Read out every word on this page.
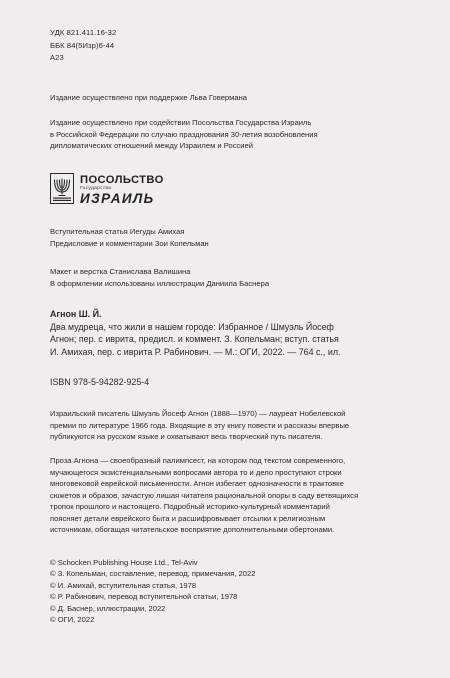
УДК 821.411.16-32
ББК 84(5Изр)6-44
А23
Издание осуществлено при поддержке Льва Говермана
Издание осуществлено при содействии Посольства Государства Израиль
в Российской Федерации по случаю празднования 30-летия возобновления
дипломатических отношений между Израилем и Россией
ПОСОЛЬСТВО
Государства
ИЗРАИЛЬ
Вступительная статья Иегуды Амихая
Предисловие и комментарии Зои Копельман
Макет и верстка Станислава Валишина
В оформлении использованы иллюстрации Даниила Баснера
Агнон Ш. Й.
Два мудреца, что жили в нашем городе: Избранное / Шмуэль Йосеф
Агнон; пер. с иврита, предисл. и коммент. З. Копельман; вступ. статья
И. Амихая, пер. с иврита Р. Рабинович. — М.: ОГИ, 2022. — 764 с., ил.
ISBN 978-5-94282-925-4
Израильский писатель Шмуэль Йосеф Агнон (1888—1970) — лауреат Нобелевской
премии по литературе 1966 года. Входящие в эту книгу повести и рассказы впервые
публикуются на русском языке и охватывают весь творческий путь писателя.
Проза Агнона — своеобразный палимпсест, на котором под текстом современного,
мучающегося экзистенциальными вопросами автора то и дело проступают строки
многовековой еврейской письменности. Агнон избегает однозначности в трактовке
сюжетов и образов, зачастую лишая читателя рациональной опоры в саду ветвящихся
тропок прошлого и настоящего. Подробный историко-культурный комментарий
поясняет детали еврейского быта и расшифровывает отсылки к религиозным
источникам, обогащая читательское восприятие дополнительными обертонами.
© Schocken Publishing House Ltd., Tel-Aviv
© З. Копельман, составление, перевод, примечания, 2022
© И. Амихай, вступительная статья, 1978
© Р. Рабинович, перевод вступительной статьи, 1978
© Д. Баснер, иллюстрации, 2022
© ОГИ, 2022
